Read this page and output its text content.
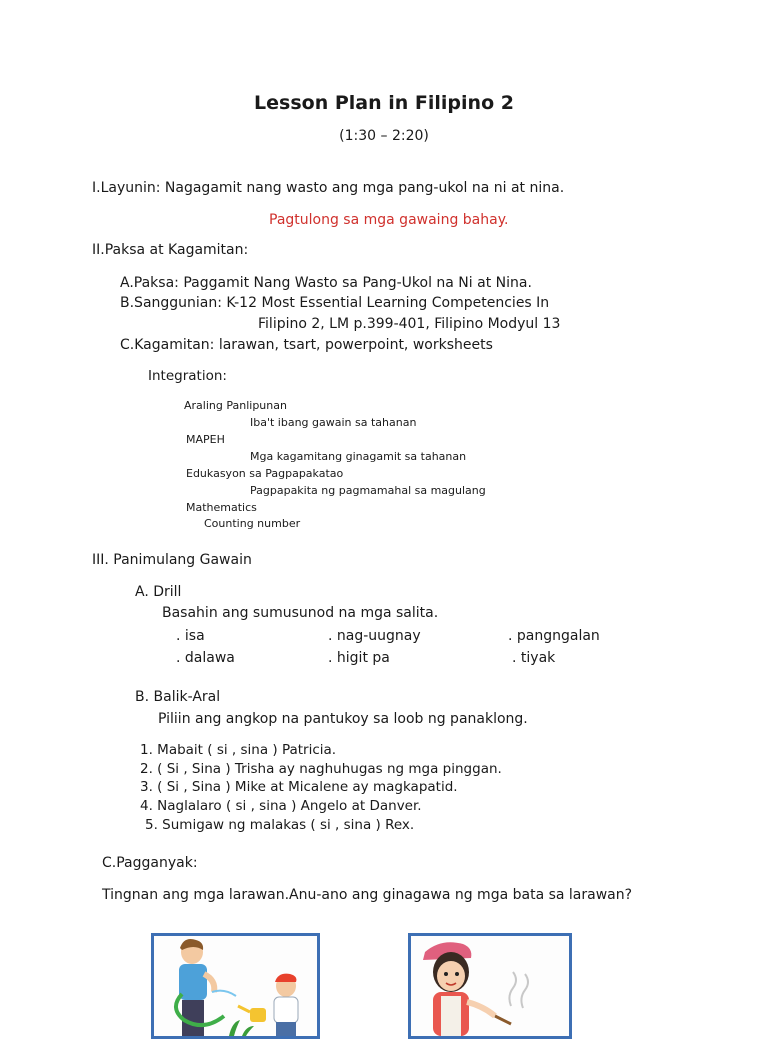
Lesson Plan in Filipino 2
(1:30 – 2:20)
I.Layunin: Nagagamit nang wasto ang mga pang-ukol na ni at nina.
Pagtulong sa mga gawaing bahay.
II.Paksa at Kagamitan:
A.Paksa: Paggamit Nang Wasto sa Pang-Ukol na Ni at Nina.
B.Sanggunian: K-12 Most Essential Learning Competencies In
Filipino 2, LM p.399-401, Filipino Modyul 13
C.Kagamitan: larawan, tsart, powerpoint, worksheets
Integration:
Araling Panlipunan
Iba't ibang gawain sa tahanan
MAPEH
Mga kagamitang ginagamit sa tahanan
Edukasyon sa Pagpapakatao
Pagpapakita ng pagmamahal sa magulang
Mathematics
Counting number
III. Panimulang Gawain
A. Drill
Basahin ang sumusunod na mga salita.
. isa	. nag-uugnay	. pangngalan
. dalawa	. higit pa	. tiyak
B. Balik-Aral
Piliin ang angkop na pantukoy sa loob ng panaklong.
1. Mabait ( si , sina ) Patricia.
2. ( Si , Sina ) Trisha ay naghuhugas ng mga pinggan.
3. ( Si , Sina ) Mike at Micalene ay magkapatid.
4. Naglalaro ( si , sina ) Angelo at Danver.
5. Sumigaw ng malakas ( si , sina ) Rex.
C.Pagganyak:
Tingnan ang mga larawan.Anu-ano ang ginagawa ng mga bata sa larawan?
